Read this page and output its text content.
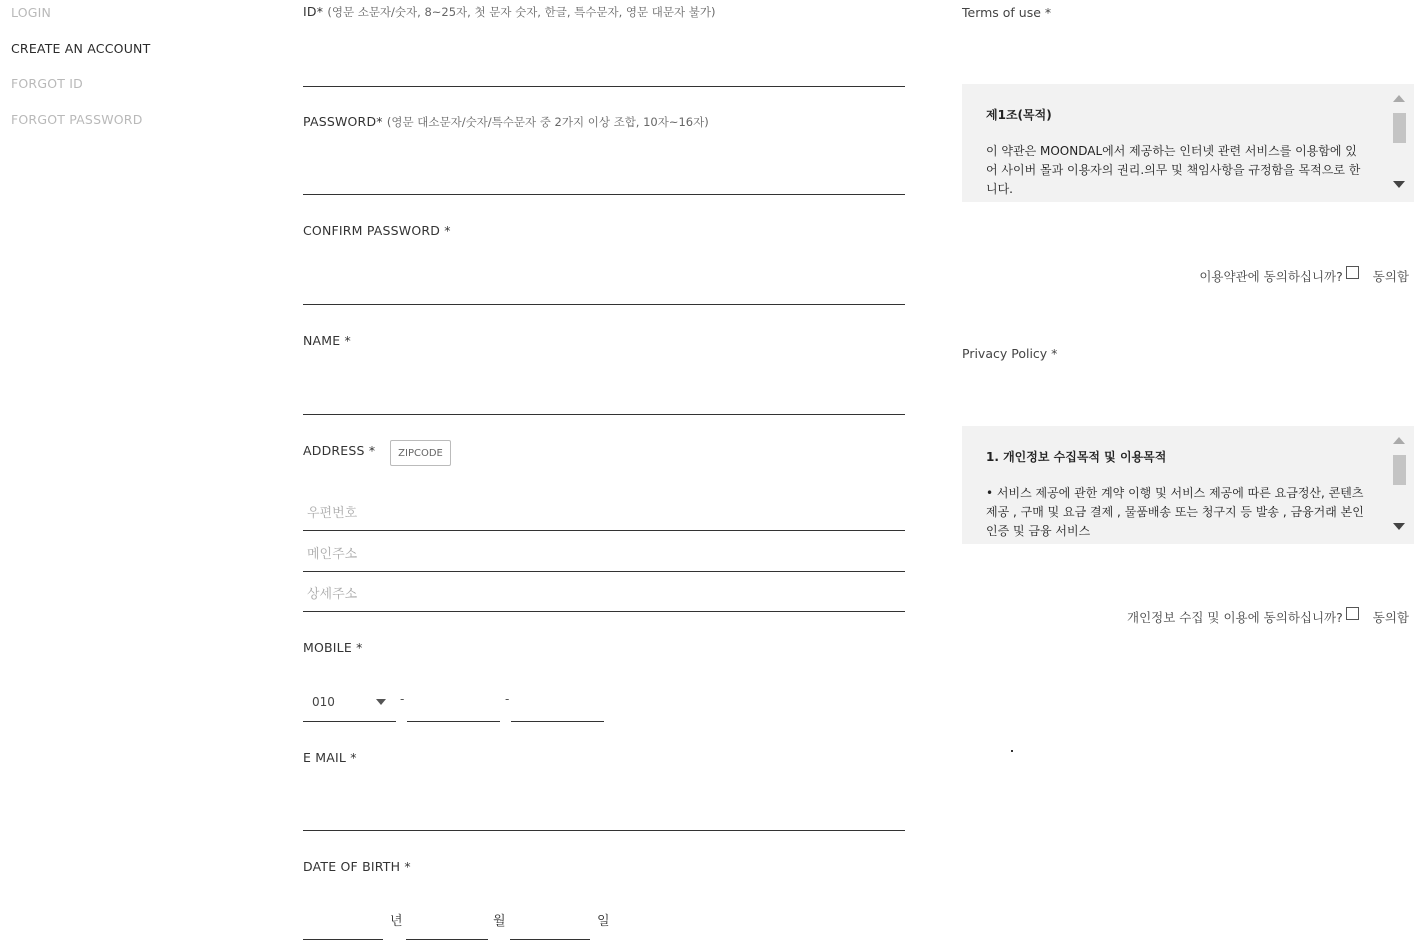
LOGIN
CREATE AN ACCOUNT
FORGOT ID
FORGOT PASSWORD
ID* (영문 소문자/숫자, 8~25자, 첫 문자 숫자, 한글, 특수문자, 영문 대문자 불가)
PASSWORD* (영문 대소문자/숫자/특수문자 중 2가지 이상 조합, 10자~16자)
CONFIRM PASSWORD *
NAME *
ADDRESS *	ZIPCODE
우편번호
메인주소
상세주소
MOBILE *
010	-	-
E MAIL *
DATE OF BIRTH *
년	월	일
Terms of use *
제1조(목적)
이 약관은 MOONDAL에서 제공하는 인터넷 관련 서비스를 이용함에 있어 사이버 몰과 이용자의 권리.의무 및 책임사항을 규정함을 목적으로 한니다.
이용약관에 동의하십니까? 동의함
Privacy Policy *
1. 개인정보 수집목적 및 이용목적
• 서비스 제공에 관한 계약 이행 및 서비스 제공에 따른 요금정산, 콘텐츠 제공 , 구매 및 요금 결제 , 물품배송 또는 청구지 등 발송 , 금융거래 본인 인증 및 금융 서비스
개인정보 수집 및 이용에 동의하십니까? 동의함
